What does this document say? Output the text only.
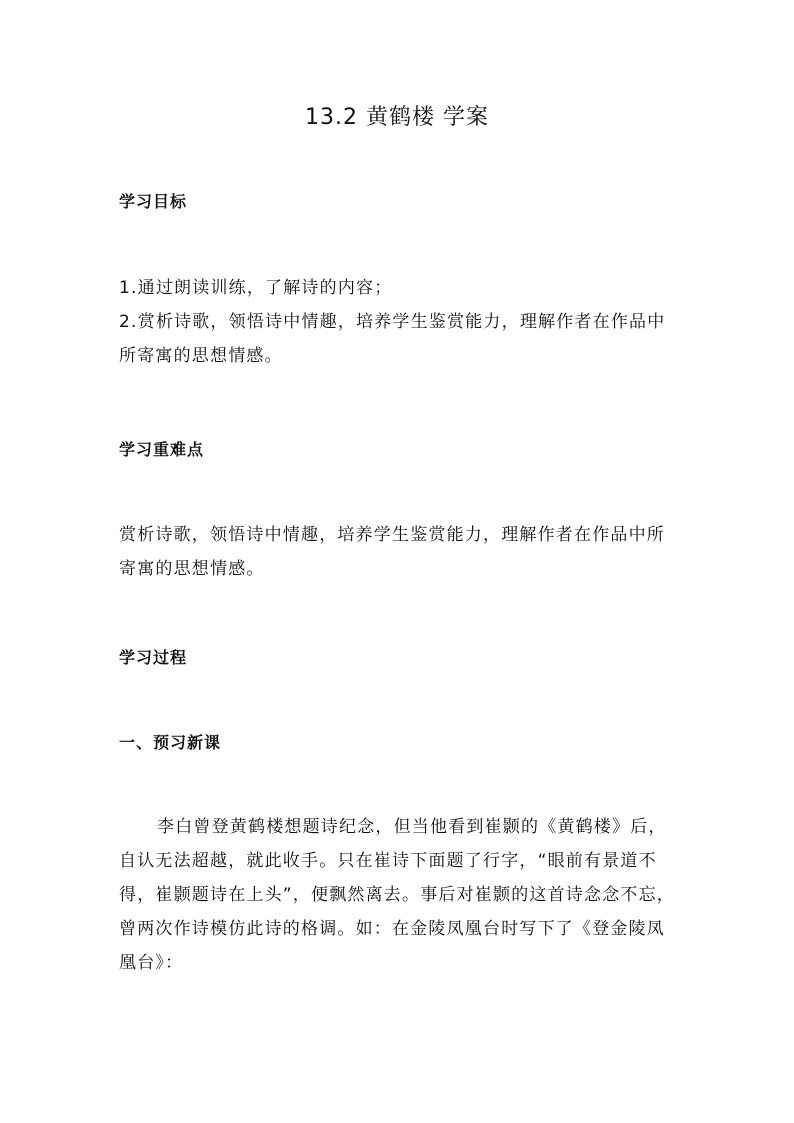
13.2 黄鹤楼 学案
学习目标
1.通过朗读训练，了解诗的内容；
2.赏析诗歌，领悟诗中情趣，培养学生鉴赏能力，理解作者在作品中
所寄寓的思想情感。
学习重难点
赏析诗歌，领悟诗中情趣，培养学生鉴赏能力，理解作者在作品中所
寄寓的思想情感。
学习过程
一、预习新课
李白曾登黄鹤楼想题诗纪念，但当他看到崔颢的《黄鹤楼》后，
自认无法超越，就此收手。只在崔诗下面题了行字，“眼前有景道不
得，崔颢题诗在上头”，便飘然离去。事后对崔颢的这首诗念念不忘，
曾两次作诗模仿此诗的格调。如：在金陵凤凰台时写下了《登金陵凤
凰台》：
